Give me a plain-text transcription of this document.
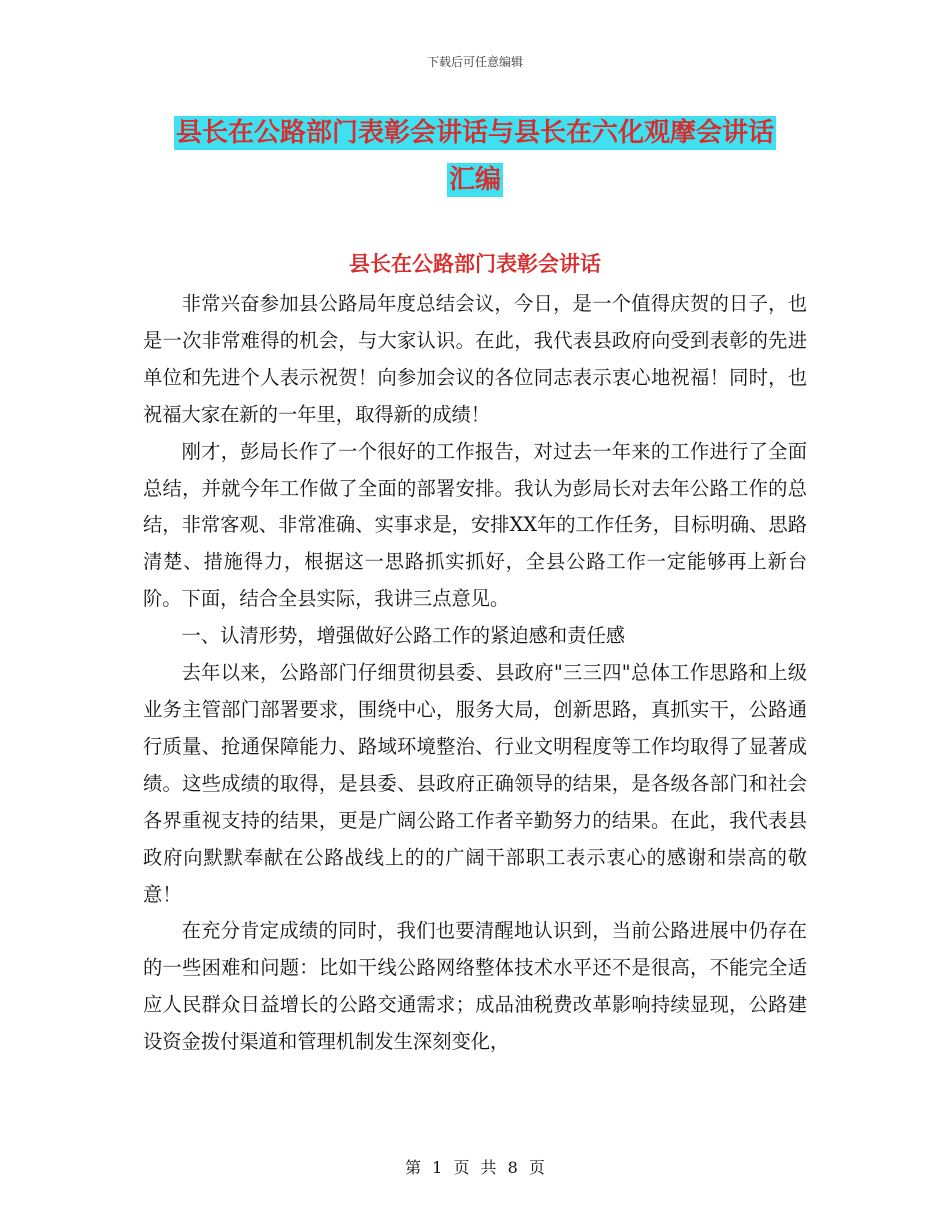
下载后可任意编辑
县长在公路部门表彰会讲话与县长在六化观摩会讲话
汇编
县长在公路部门表彰会讲话

非常兴奋参加县公路局年度总结会议，今日，是一个值得庆贺的日子，也是一次非常难得的机会，与大家认识。在此，我代表县政府向受到表彰的先进单位和先进个人表示祝贺！向参加会议的各位同志表示衷心地祝福！同时，也祝福大家在新的一年里，取得新的成绩！

刚才，彭局长作了一个很好的工作报告，对过去一年来的工作进行了全面总结，并就今年工作做了全面的部署安排。我认为彭局长对去年公路工作的总结，非常客观、非常准确、实事求是，安排XX年的工作任务，目标明确、思路清楚、措施得力，根据这一思路抓实抓好，全县公路工作一定能够再上新台阶。下面，结合全县实际，我讲三点意见。

一、认清形势，增强做好公路工作的紧迫感和责任感

去年以来，公路部门仔细贯彻县委、县政府"三三四"总体工作思路和上级业务主管部门部署要求，围绕中心，服务大局，创新思路，真抓实干，公路通行质量、抢通保障能力、路域环境整治、行业文明程度等工作均取得了显著成绩。这些成绩的取得，是县委、县政府正确领导的结果，是各级各部门和社会各界重视支持的结果，更是广阔公路工作者辛勤努力的结果。在此，我代表县政府向默默奉献在公路战线上的的广阔干部职工表示衷心的感谢和崇高的敬意！

在充分肯定成绩的同时，我们也要清醒地认识到，当前公路进展中仍存在的一些困难和问题：比如干线公路网络整体技术水平还不是很高，不能完全适应人民群众日益增长的公路交通需求；成品油税费改革影响持续显现，公路建设资金拨付渠道和管理机制发生深刻变化，

第 1 页 共 8 页
